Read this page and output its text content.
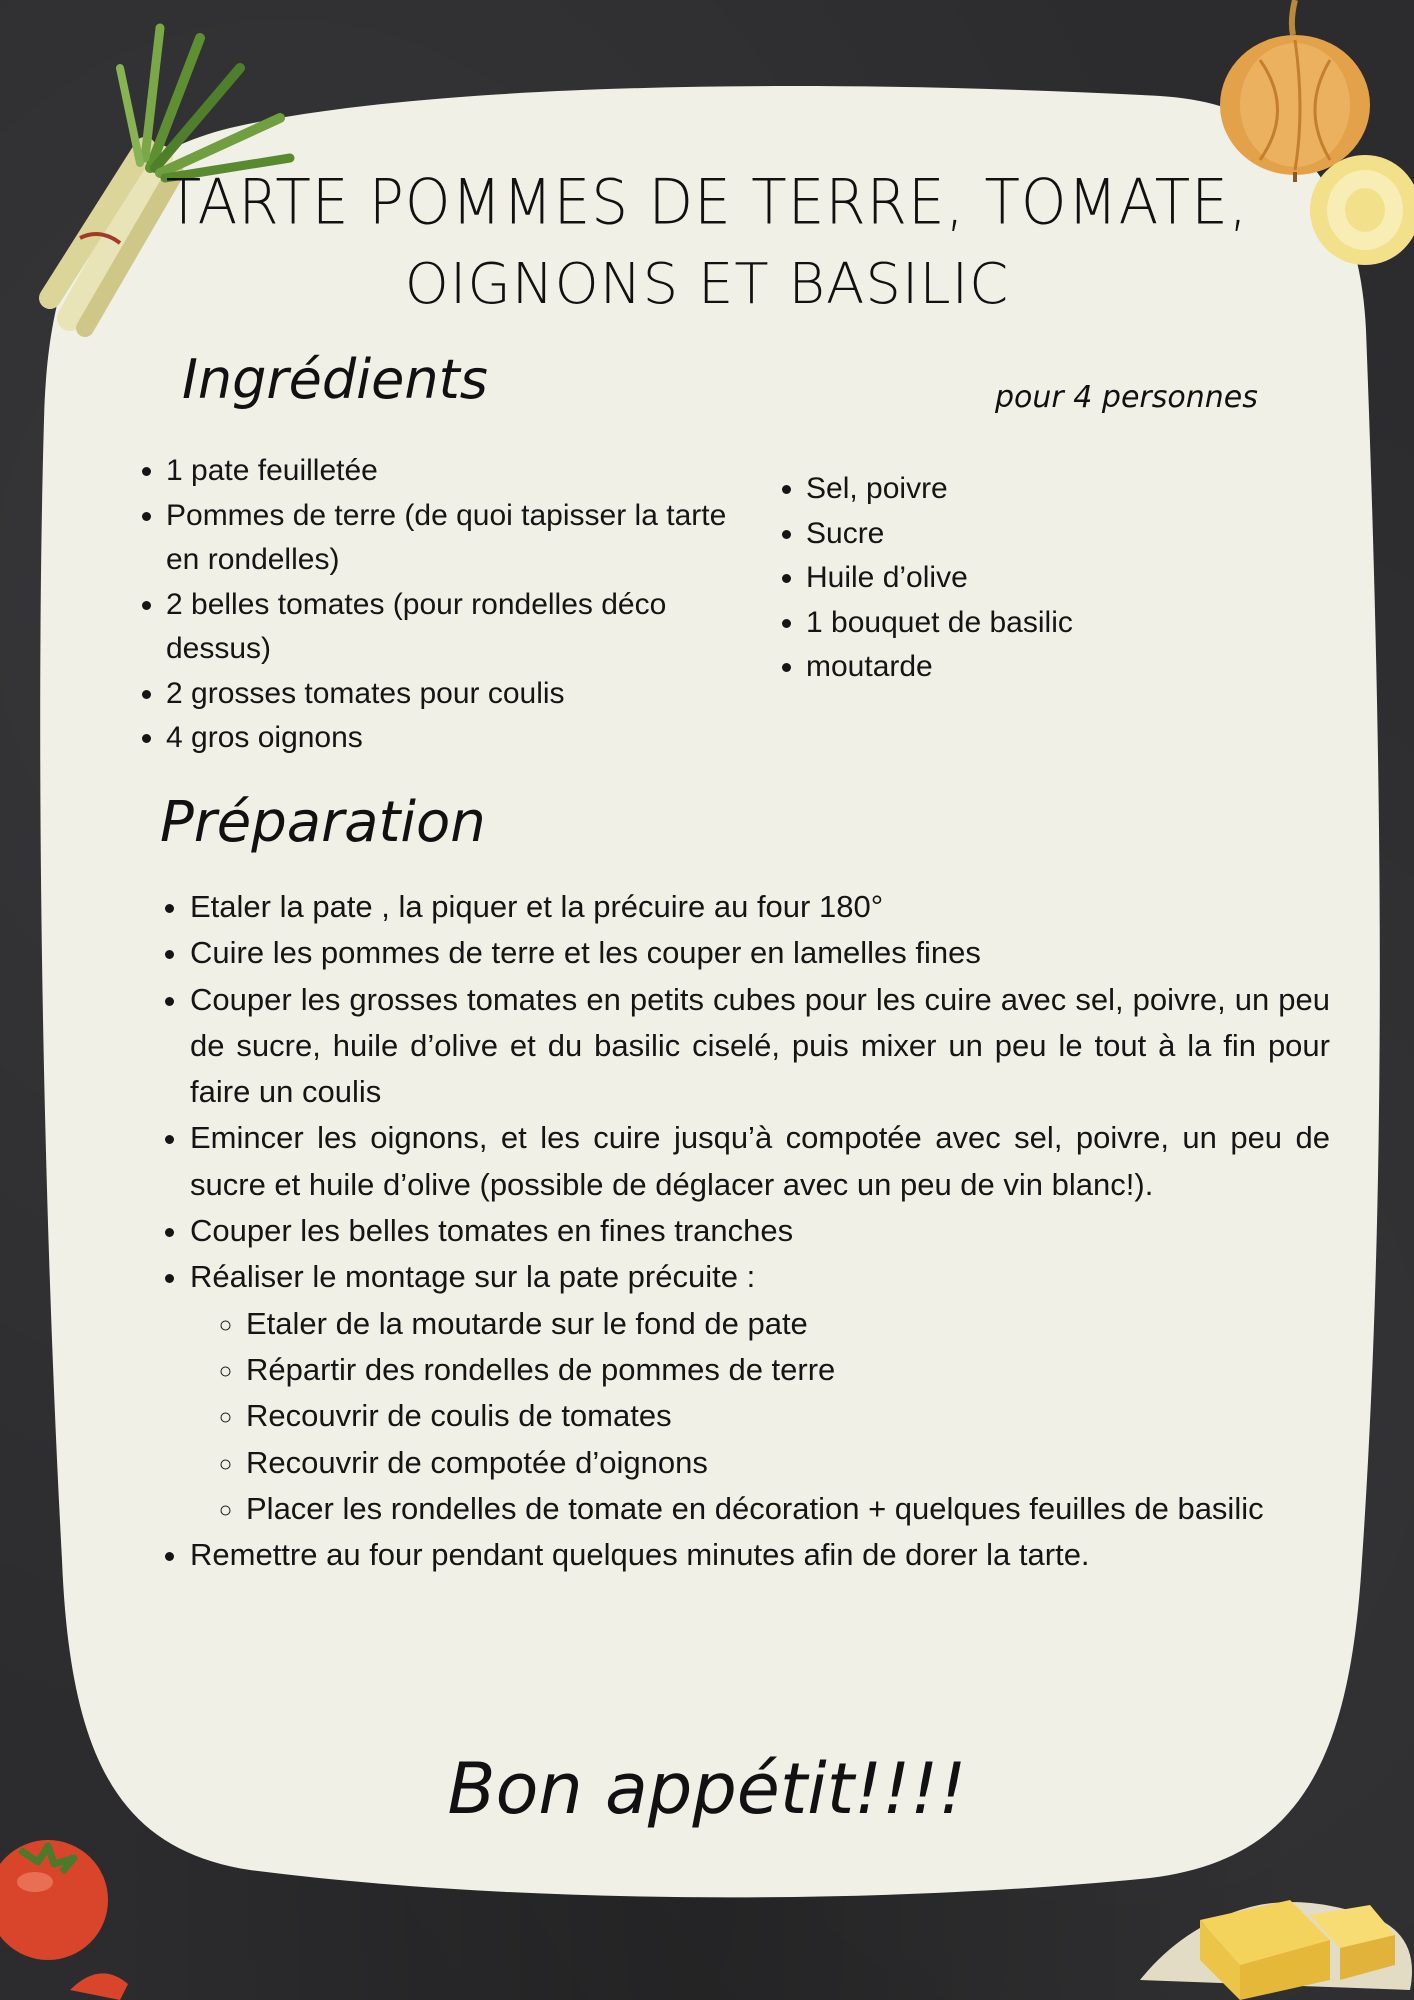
TARTE POMMES DE TERRE, TOMATE,
OIGNONS ET BASILIC
Ingrédients	pour 4 personnes
• 1 pate feuilletée
• Pommes de terre (de quoi tapisser la tarte en rondelles)
• 2 belles tomates (pour rondelles déco dessus)
• 2 grosses tomates pour coulis
• 4 gros oignons
• Sel, poivre
• Sucre
• Huile d’olive
• 1 bouquet de basilic
• moutarde
Préparation
• Etaler la pate , la piquer et la précuire au four 180°
• Cuire les pommes de terre et les couper en lamelles fines
• Couper les grosses tomates en petits cubes pour les cuire avec sel, poivre, un peu de sucre, huile d’olive et du basilic ciselé, puis mixer un peu le tout à la fin pour faire un coulis
• Emincer les oignons, et les cuire jusqu’à compotée avec sel, poivre, un peu de sucre et huile d’olive (possible de déglacer avec un peu de vin blanc!).
• Couper les belles tomates en fines tranches
• Réaliser le montage sur la pate précuite :
◦ Etaler de la moutarde sur le fond de pate
◦ Répartir des rondelles de pommes de terre
◦ Recouvrir de coulis de tomates
◦ Recouvrir de compotée d’oignons
◦ Placer les rondelles de tomate en décoration + quelques feuilles de basilic
• Remettre au four pendant quelques minutes afin de dorer la tarte.
Bon appétit!!!!
